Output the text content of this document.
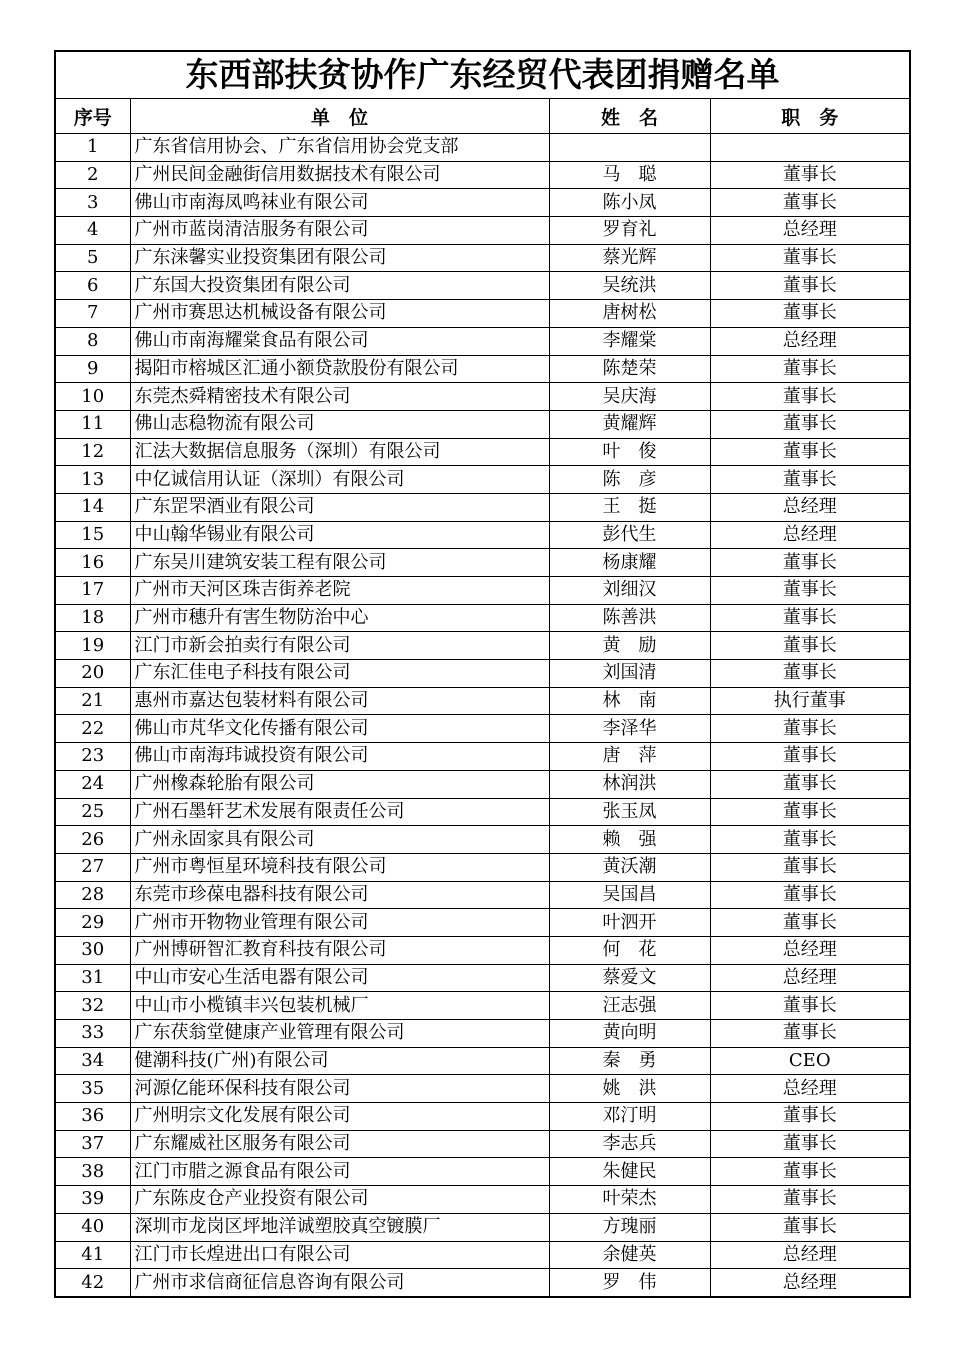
东西部扶贫协作广东经贸代表团捐赠名单			
序号	单　位	姓　名	职　务
1	广东省信用协会、广东省信用协会党支部		
2	广州民间金融街信用数据技术有限公司	马　聪	董事长
3	佛山市南海凤鸣袜业有限公司	陈小凤	董事长
4	广州市蓝岗清洁服务有限公司	罗育礼	总经理
5	广东涞馨实业投资集团有限公司	蔡光辉	董事长
6	广东国大投资集团有限公司	吴统洪	董事长
7	广州市赛思达机械设备有限公司	唐树松	董事长
8	佛山市南海耀棠食品有限公司	李耀棠	总经理
9	揭阳市榕城区汇通小额贷款股份有限公司	陈楚荣	董事长
10	东莞杰舜精密技术有限公司	吴庆海	董事长
11	佛山志稳物流有限公司	黄耀辉	董事长
12	汇法大数据信息服务（深圳）有限公司	叶　俊	董事长
13	中亿诚信用认证（深圳）有限公司	陈　彦	董事长
14	广东罡罘酒业有限公司	王　挺	总经理
15	中山翰华锡业有限公司	彭代生	总经理
16	广东吴川建筑安装工程有限公司	杨康耀	董事长
17	广州市天河区珠吉街养老院	刘细汉	董事长
18	广州市穗升有害生物防治中心	陈善洪	董事长
19	江门市新会拍卖行有限公司	黄　励	董事长
20	广东汇佳电子科技有限公司	刘国清	董事长
21	惠州市嘉达包装材料有限公司	林　南	执行董事
22	佛山市芃华文化传播有限公司	李泽华	董事长
23	佛山市南海玮诚投资有限公司	唐　萍	董事长
24	广州橡森轮胎有限公司	林润洪	董事长
25	广州石墨轩艺术发展有限责任公司	张玉凤	董事长
26	广州永固家具有限公司	赖　强	董事长
27	广州市粤恒星环境科技有限公司	黄沃潮	董事长
28	东莞市珍葆电器科技有限公司	吴国昌	董事长
29	广州市开物物业管理有限公司	叶泗开	董事长
30	广州博研智汇教育科技有限公司	何　花	总经理
31	中山市安心生活电器有限公司	蔡爱文	总经理
32	中山市小榄镇丰兴包装机械厂	汪志强	董事长
33	广东茯翁堂健康产业管理有限公司	黄向明	董事长
34	健潮科技(广州)有限公司	秦　勇	CEO
35	河源亿能环保科技有限公司	姚　洪	总经理
36	广州明宗文化发展有限公司	邓汀明	董事长
37	广东耀威社区服务有限公司	李志兵	董事长
38	江门市腊之源食品有限公司	朱健民	董事长
39	广东陈皮仓产业投资有限公司	叶荣杰	董事长
40	深圳市龙岗区坪地洋诚塑胶真空镀膜厂	方瑰丽	董事长
41	江门市长煌进出口有限公司	余健英	总经理
42	广州市求信商征信息咨询有限公司	罗　伟	总经理
